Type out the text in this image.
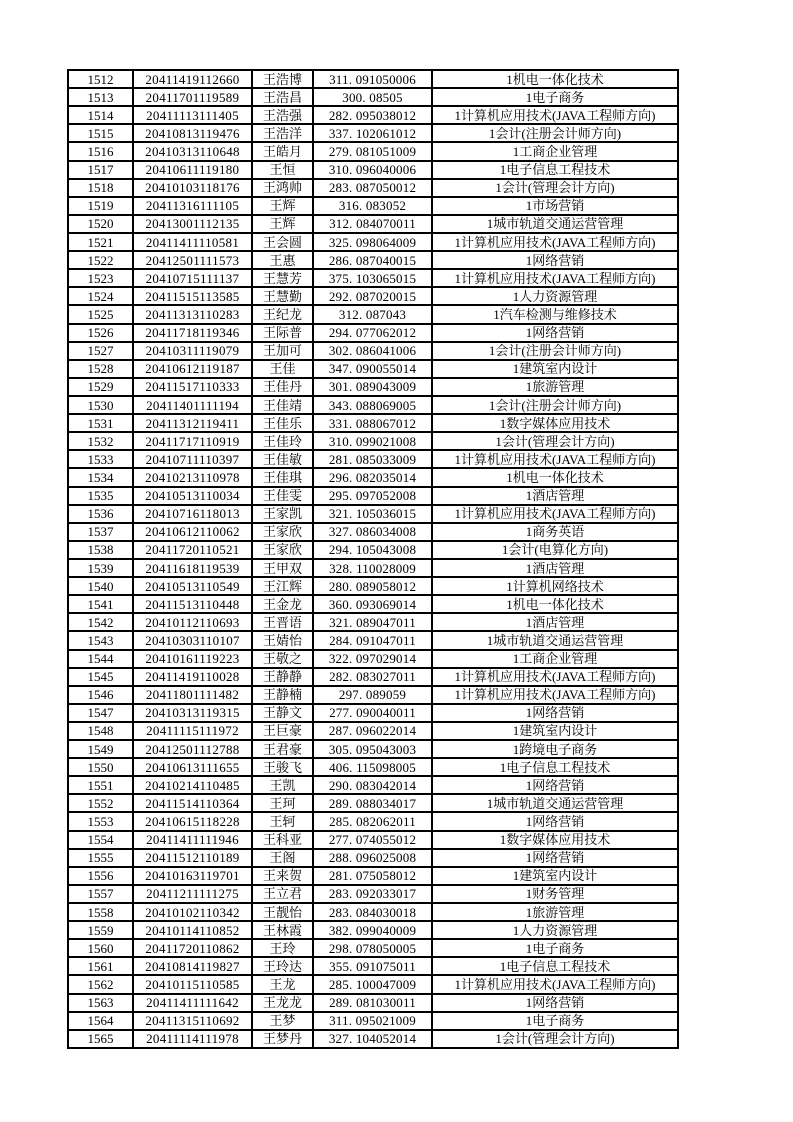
1512	20411419112660	王浩博	311. 091050006	1机电一体化技术
1513	20411701119589	王浩昌	300. 08505	1电子商务
1514	20411113111405	王浩强	282. 095038012	1计算机应用技术(JAVA工程师方向)
1515	20410813119476	王浩洋	337. 102061012	1会计(注册会计师方向)
1516	20410313110648	王皓月	279. 081051009	1工商企业管理
1517	20410611119180	王恒	310. 096040006	1电子信息工程技术
1518	20410103118176	王鸿帅	283. 087050012	1会计(管理会计方向)
1519	20411316111105	王辉	316. 083052	1市场营销
1520	20413001112135	王辉	312. 084070011	1城市轨道交通运营管理
1521	20411411110581	王会圆	325. 098064009	1计算机应用技术(JAVA工程师方向)
1522	20412501111573	王惠	286. 087040015	1网络营销
1523	20410715111137	王慧芳	375. 103065015	1计算机应用技术(JAVA工程师方向)
1524	20411515113585	王慧勤	292. 087020015	1人力资源管理
1525	20411313110283	王纪龙	312. 087043	1汽车检测与维修技术
1526	20411718119346	王际普	294. 077062012	1网络营销
1527	20410311119079	王加可	302. 086041006	1会计(注册会计师方向)
1528	20410612119187	王佳	347. 090055014	1建筑室内设计
1529	20411517110333	王佳丹	301. 089043009	1旅游管理
1530	20411401111194	王佳靖	343. 088069005	1会计(注册会计师方向)
1531	20411312119411	王佳乐	331. 088067012	1数字媒体应用技术
1532	20411717110919	王佳玲	310. 099021008	1会计(管理会计方向)
1533	20410711110397	王佳敏	281. 085033009	1计算机应用技术(JAVA工程师方向)
1534	20410213110978	王佳琪	296. 082035014	1机电一体化技术
1535	20410513110034	王佳雯	295. 097052008	1酒店管理
1536	20410716118013	王家凯	321. 105036015	1计算机应用技术(JAVA工程师方向)
1537	20410612110062	王家欣	327. 086034008	1商务英语
1538	20411720110521	王家欣	294. 105043008	1会计(电算化方向)
1539	20411618119539	王甲双	328. 110028009	1酒店管理
1540	20410513110549	王江辉	280. 089058012	1计算机网络技术
1541	20411513110448	王金龙	360. 093069014	1机电一体化技术
1542	20410112110693	王晋语	321. 089047011	1酒店管理
1543	20410303110107	王婧怡	284. 091047011	1城市轨道交通运营管理
1544	20410161119223	王敬之	322. 097029014	1工商企业管理
1545	20411419110028	王静静	282. 083027011	1计算机应用技术(JAVA工程师方向)
1546	20411801111482	王静楠	297. 089059	1计算机应用技术(JAVA工程师方向)
1547	20410313119315	王静文	277. 090040011	1网络营销
1548	20411115111972	王巨豪	287. 096022014	1建筑室内设计
1549	20412501112788	王君豪	305. 095043003	1跨境电子商务
1550	20410613111655	王骏飞	406. 115098005	1电子信息工程技术
1551	20410214110485	王凯	290. 083042014	1网络营销
1552	20411514110364	王珂	289. 088034017	1城市轨道交通运营管理
1553	20410615118228	王轲	285. 082062011	1网络营销
1554	20411411111946	王科亚	277. 074055012	1数字媒体应用技术
1555	20411512110189	王阁	288. 096025008	1网络营销
1556	20410163119701	王来贺	281. 075058012	1建筑室内设计
1557	20411211111275	王立君	283. 092033017	1财务管理
1558	20410102110342	王靓怡	283. 084030018	1旅游管理
1559	20410114110852	王林霞	382. 099040009	1人力资源管理
1560	20411720110862	王玲	298. 078050005	1电子商务
1561	20410814119827	王玲达	355. 091075011	1电子信息工程技术
1562	20410115110585	王龙	285. 100047009	1计算机应用技术(JAVA工程师方向)
1563	20411411111642	王龙龙	289. 081030011	1网络营销
1564	20411315110692	王梦	311. 095021009	1电子商务
1565	20411114111978	王梦丹	327. 104052014	1会计(管理会计方向)
